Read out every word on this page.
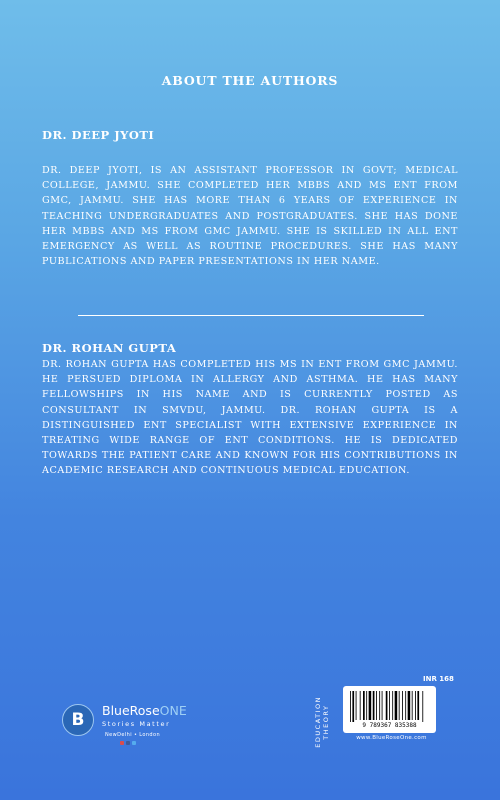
ABOUT THE AUTHORS
DR. DEEP JYOTI
DR. DEEP JYOTI, IS AN ASSISTANT PROFESSOR IN GOVT; MEDICAL COLLEGE, JAMMU. SHE COMPLETED HER MBBS AND MS ENT FROM GMC, JAMMU. SHE HAS MORE THAN 6 YEARS OF EXPERIENCE IN TEACHING UNDERGRADUATES AND POSTGRADUATES. SHE HAS DONE HER MBBS AND MS FROM GMC JAMMU. SHE IS SKILLED IN ALL ENT EMERGENCY AS WELL AS ROUTINE PROCEDURES. SHE HAS MANY PUBLICATIONS AND PAPER PRESENTATIONS IN HER NAME.
DR. ROHAN GUPTA
DR. ROHAN GUPTA HAS COMPLETED HIS MS IN ENT FROM GMC JAMMU. HE PERSUED DIPLOMA IN ALLERGY AND ASTHMA. HE HAS MANY FELLOWSHIPS IN HIS NAME AND IS CURRENTLY POSTED AS CONSULTANT IN SMVDU, JAMMU. DR. ROHAN GUPTA IS A DISTINGUISHED ENT SPECIALIST WITH EXTENSIVE EXPERIENCE IN TREATING WIDE RANGE OF ENT CONDITIONS. HE IS DEDICATED TOWARDS THE PATIENT CARE AND KNOWN FOR HIS CONTRIBUTIONS IN ACADEMIC RESEARCH AND CONTINUOUS MEDICAL EDUCATION.
B	BlueRoseONE
Stories Matter
NewDelhi • London	EDUCATION
THEORY
INR 168
9 789367 835388
www.BlueRoseOne.com
